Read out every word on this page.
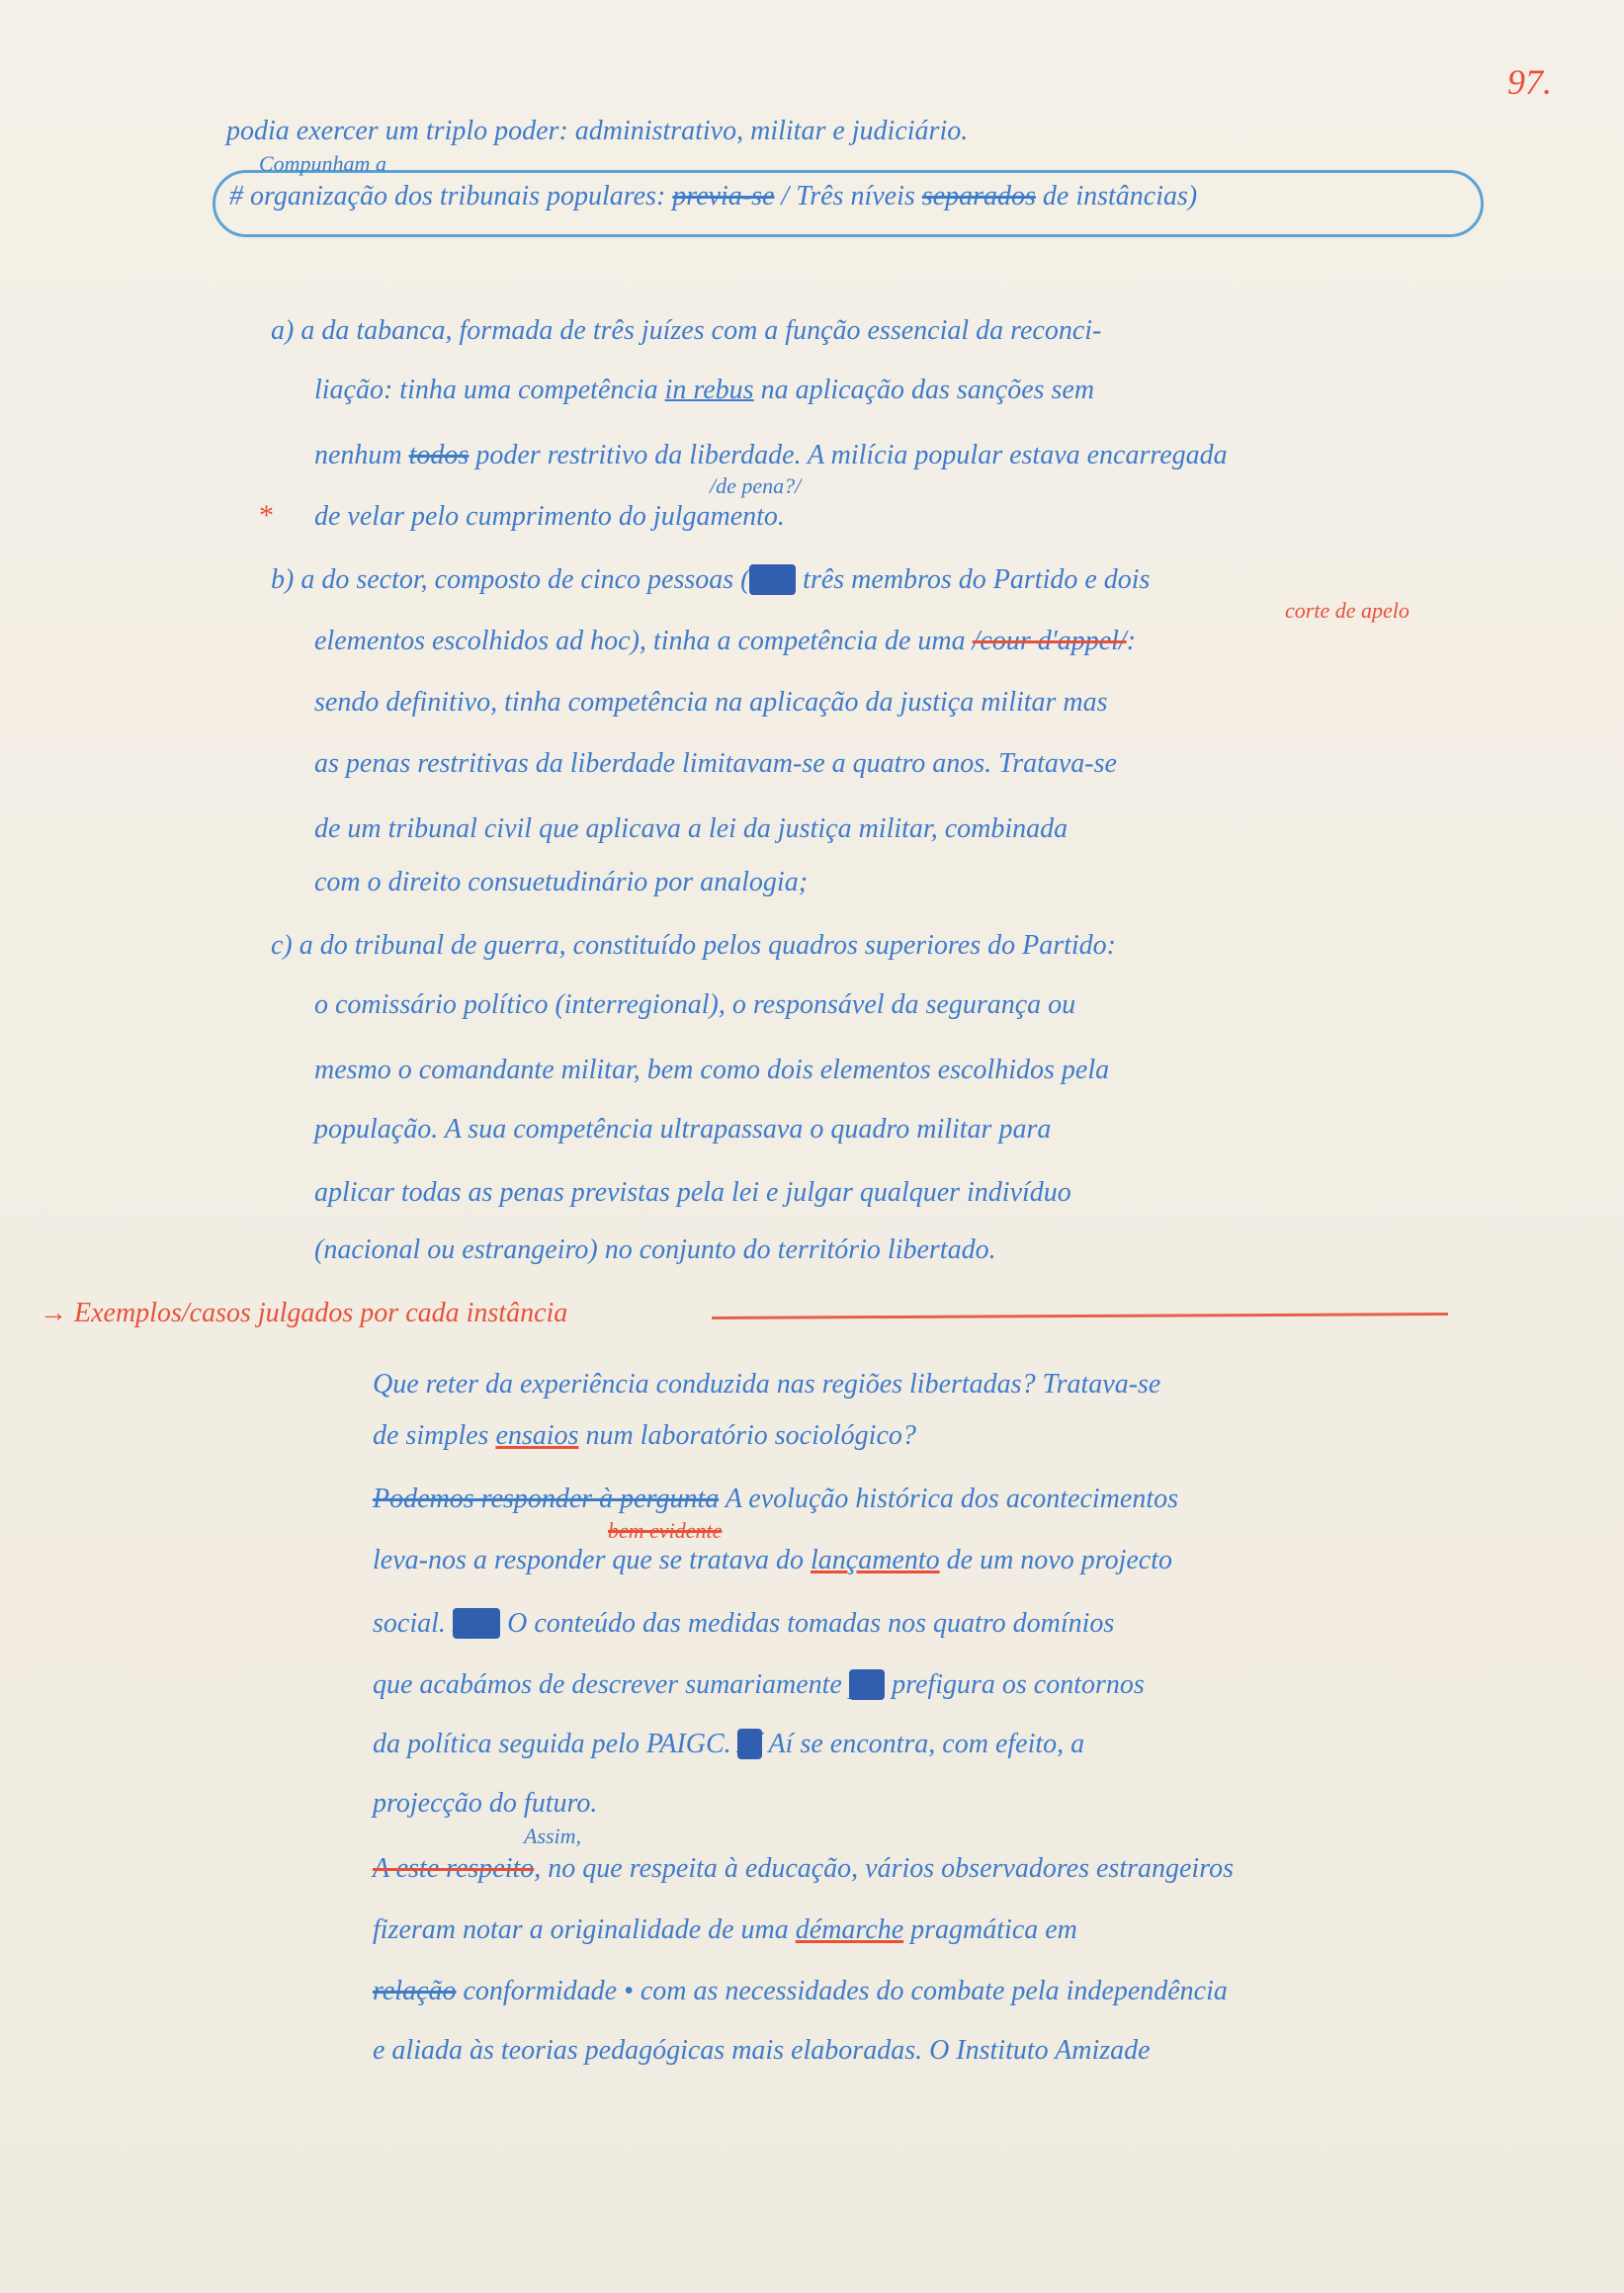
97.
*
podia exercer um triplo poder: administrativo, militar e judiciário.
Compunham a
# organização dos tribunais populares: previa-se / Três níveis separados de instâncias)
a) a da tabanca, formada de três juízes com a função essencial da reconci-
liação: tinha uma competência in rebus na aplicação das sanções sem
nenhum todos poder restritivo da liberdade. A milícia popular estava encarregada
/de pena?/
de velar pelo cumprimento do julgamento.
b) a do sector, composto de cinco pessoas (dois três membros do Partido e dois
corte de apelo
elementos escolhidos ad hoc), tinha a competência de uma /cour d'appel/:
sendo definitivo, tinha competência na aplicação da justiça militar mas
as penas restritivas da liberdade limitavam-se a quatro anos. Tratava-se
de um tribunal civil que aplicava a lei da justiça militar, combinada
com o direito consuetudinário por analogia;
c) a do tribunal de guerra, constituído pelos quadros superiores do Partido:
o comissário político (interregional), o responsável da segurança ou
mesmo o comandante militar, bem como dois elementos escolhidos pela
população. A sua competência ultrapassava o quadro militar para
aplicar todas as penas previstas pela lei e julgar qualquer indivíduo
(nacional ou estrangeiro) no conjunto do território libertado.
→ Exemplos/casos julgados por cada instância
Que reter da experiência conduzida nas regiões libertadas? Tratava-se
de simples ensaios num laboratório sociológico?
Podemos responder à pergunta A evolução histórica dos acontecimentos
bem evidente
leva-nos a responder que se tratava do lançamento de um novo projecto
social. Mas O conteúdo das medidas tomadas nos quatro domínios
que acabámos de descrever sumariamente pre prefigura os contornos
da política seguida pelo PAIGC. Aí Aí se encontra, com efeito, a
projecção do futuro.
Assim,
A este respeito, no que respeita à educação, vários observadores estrangeiros
fizeram notar a originalidade de uma démarche pragmática em
relação conformidade • com as necessidades do combate pela independência
e aliada às teorias pedagógicas mais elaboradas. O Instituto Amizade
